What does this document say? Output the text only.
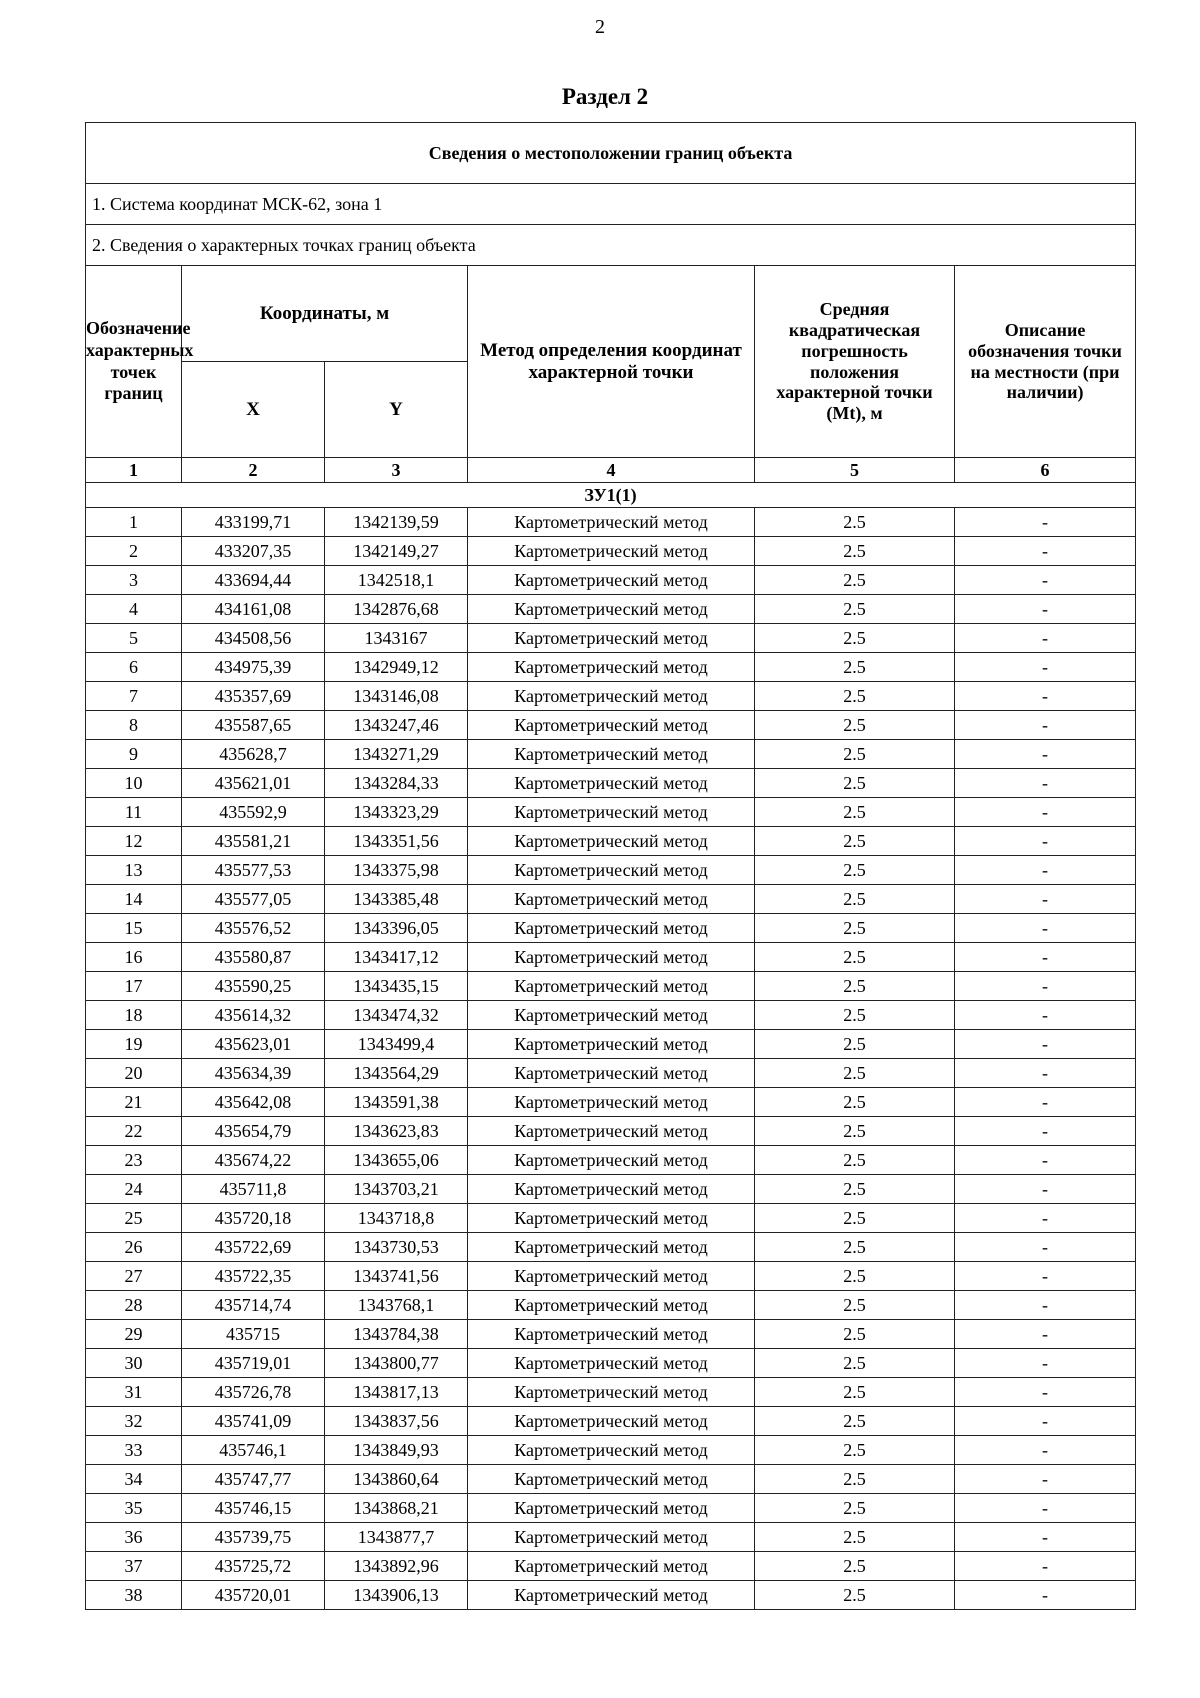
2
Раздел 2
Сведения о местоположении границ объекта					
1. Система координат МСК-62, зона 1					
2. Сведения о характерных точках границ объекта					
Обозначение характерных точек границ	Координаты, м		Метод определения координат характерной точки	Средняя квадратическая погрешность положения характерной точки (Mt), м	Описание обозначения точки на местности (при наличии)
	X	Y			
1	2	3	4	5	6
ЗУ1(1)					
1	433199,71	1342139,59	Картометрический метод	2.5	-
2	433207,35	1342149,27	Картометрический метод	2.5	-
3	433694,44	1342518,1	Картометрический метод	2.5	-
4	434161,08	1342876,68	Картометрический метод	2.5	-
5	434508,56	1343167	Картометрический метод	2.5	-
6	434975,39	1342949,12	Картометрический метод	2.5	-
7	435357,69	1343146,08	Картометрический метод	2.5	-
8	435587,65	1343247,46	Картометрический метод	2.5	-
9	435628,7	1343271,29	Картометрический метод	2.5	-
10	435621,01	1343284,33	Картометрический метод	2.5	-
11	435592,9	1343323,29	Картометрический метод	2.5	-
12	435581,21	1343351,56	Картометрический метод	2.5	-
13	435577,53	1343375,98	Картометрический метод	2.5	-
14	435577,05	1343385,48	Картометрический метод	2.5	-
15	435576,52	1343396,05	Картометрический метод	2.5	-
16	435580,87	1343417,12	Картометрический метод	2.5	-
17	435590,25	1343435,15	Картометрический метод	2.5	-
18	435614,32	1343474,32	Картометрический метод	2.5	-
19	435623,01	1343499,4	Картометрический метод	2.5	-
20	435634,39	1343564,29	Картометрический метод	2.5	-
21	435642,08	1343591,38	Картометрический метод	2.5	-
22	435654,79	1343623,83	Картометрический метод	2.5	-
23	435674,22	1343655,06	Картометрический метод	2.5	-
24	435711,8	1343703,21	Картометрический метод	2.5	-
25	435720,18	1343718,8	Картометрический метод	2.5	-
26	435722,69	1343730,53	Картометрический метод	2.5	-
27	435722,35	1343741,56	Картометрический метод	2.5	-
28	435714,74	1343768,1	Картометрический метод	2.5	-
29	435715	1343784,38	Картометрический метод	2.5	-
30	435719,01	1343800,77	Картометрический метод	2.5	-
31	435726,78	1343817,13	Картометрический метод	2.5	-
32	435741,09	1343837,56	Картометрический метод	2.5	-
33	435746,1	1343849,93	Картометрический метод	2.5	-
34	435747,77	1343860,64	Картометрический метод	2.5	-
35	435746,15	1343868,21	Картометрический метод	2.5	-
36	435739,75	1343877,7	Картометрический метод	2.5	-
37	435725,72	1343892,96	Картометрический метод	2.5	-
38	435720,01	1343906,13	Картометрический метод	2.5	-
